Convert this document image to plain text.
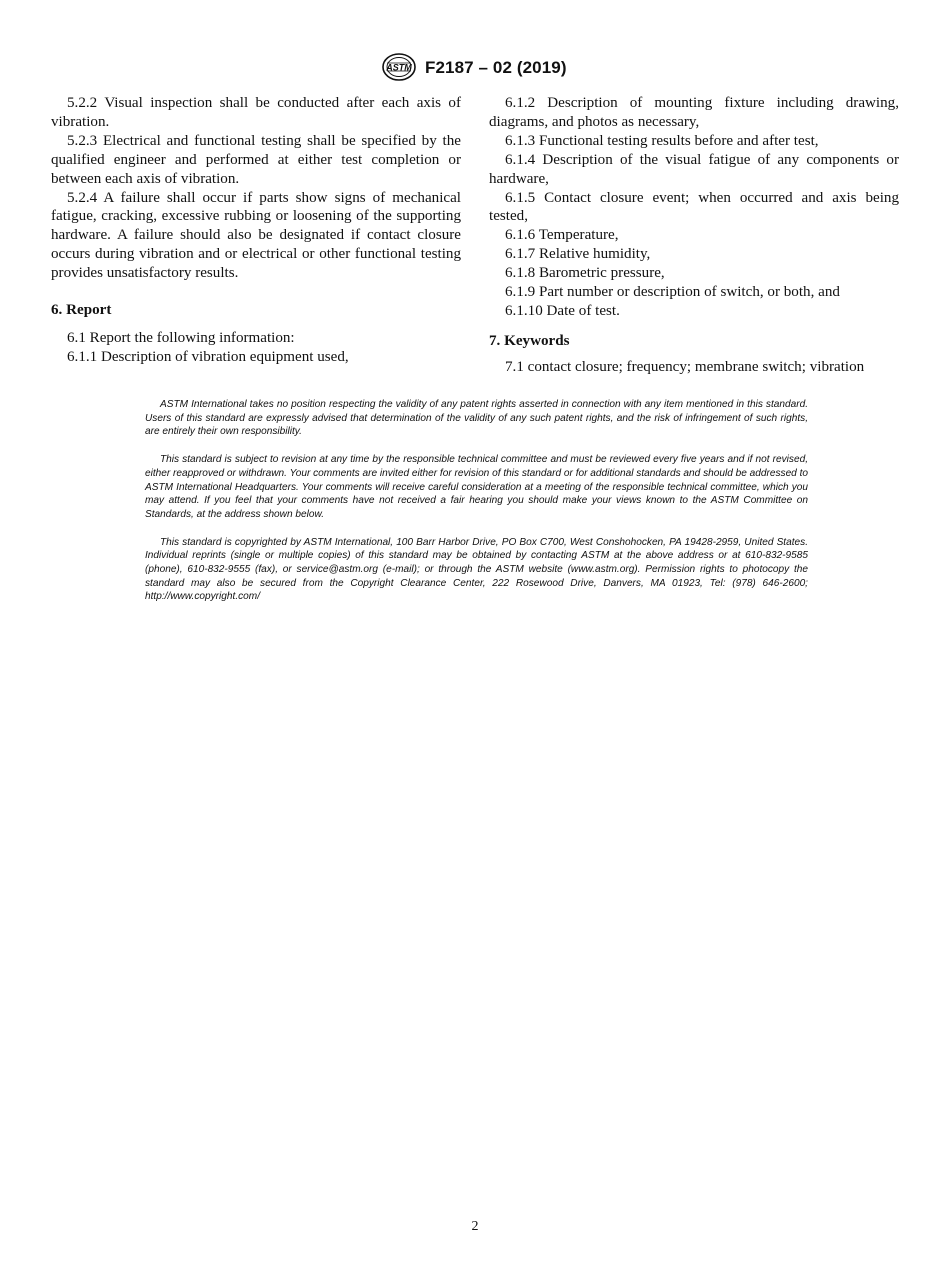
ASTM F2187 – 02 (2019)

5.2.2 Visual inspection shall be conducted after each axis of vibration.

5.2.3 Electrical and functional testing shall be specified by the qualified engineer and performed at either test completion or between each axis of vibration.

5.2.4 A failure shall occur if parts show signs of mechanical fatigue, cracking, excessive rubbing or loosening of the supporting hardware. A failure should also be designated if contact closure occurs during vibration and or electrical or other functional testing provides unsatisfactory results.

6. Report

6.1 Report the following information:

6.1.1 Description of vibration equipment used,

6.1.2 Description of mounting fixture including drawing, diagrams, and photos as necessary,

6.1.3 Functional testing results before and after test,

6.1.4 Description of the visual fatigue of any components or hardware,

6.1.5 Contact closure event; when occurred and axis being tested,

6.1.6 Temperature,

6.1.7 Relative humidity,

6.1.8 Barometric pressure,

6.1.9 Part number or description of switch, or both, and

6.1.10 Date of test.

7. Keywords

7.1 contact closure; frequency; membrane switch; vibration

ASTM International takes no position respecting the validity of any patent rights asserted in connection with any item mentioned in this standard. Users of this standard are expressly advised that determination of the validity of any such patent rights, and the risk of infringement of such rights, are entirely their own responsibility.

This standard is subject to revision at any time by the responsible technical committee and must be reviewed every five years and if not revised, either reapproved or withdrawn. Your comments are invited either for revision of this standard or for additional standards and should be addressed to ASTM International Headquarters. Your comments will receive careful consideration at a meeting of the responsible technical committee, which you may attend. If you feel that your comments have not received a fair hearing you should make your views known to the ASTM Committee on Standards, at the address shown below.

This standard is copyrighted by ASTM International, 100 Barr Harbor Drive, PO Box C700, West Conshohocken, PA 19428-2959, United States. Individual reprints (single or multiple copies) of this standard may be obtained by contacting ASTM at the above address or at 610-832-9585 (phone), 610-832-9555 (fax), or service@astm.org (e-mail); or through the ASTM website (www.astm.org). Permission rights to photocopy the standard may also be secured from the Copyright Clearance Center, 222 Rosewood Drive, Danvers, MA 01923, Tel: (978) 646-2600; http://www.copyright.com/

2
